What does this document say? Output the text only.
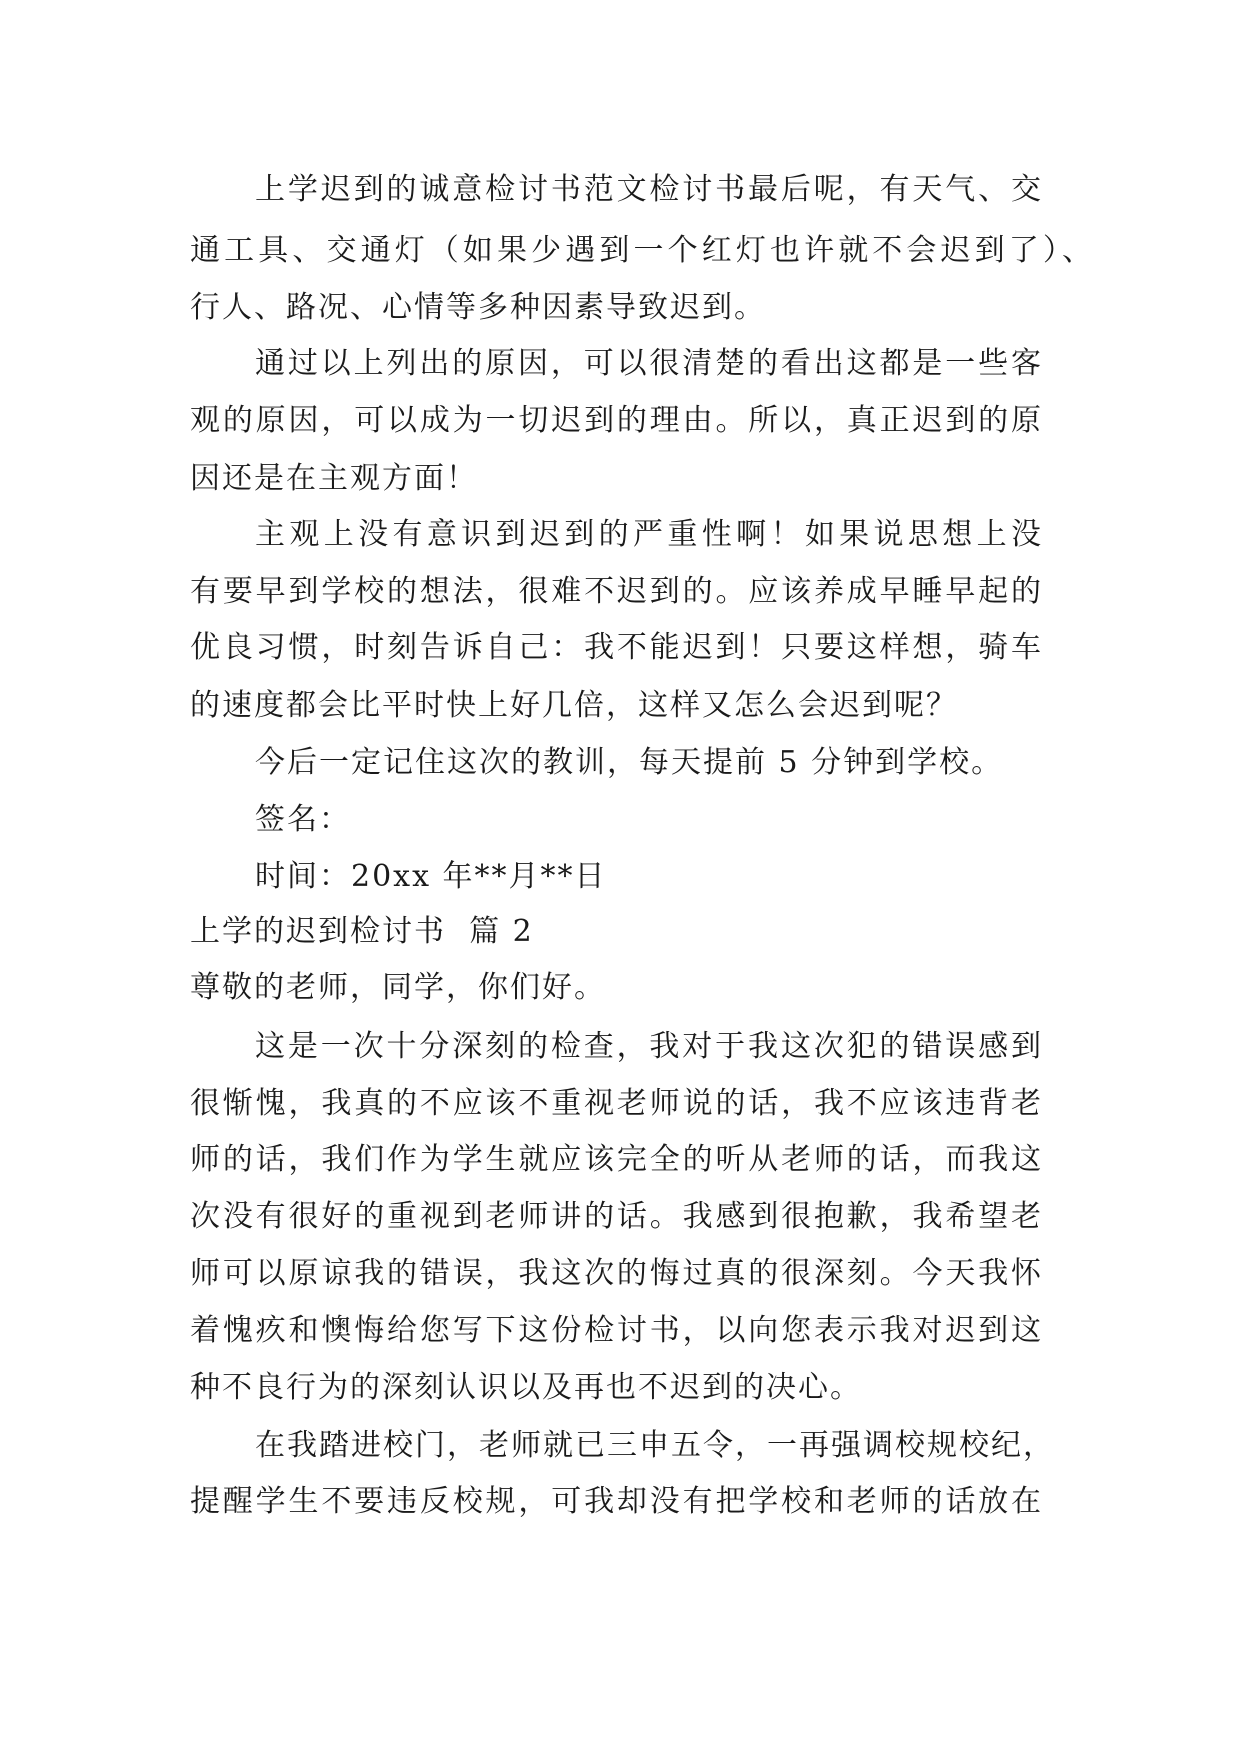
上学迟到的诚意检讨书范文检讨书最后呢，有天气、交

通工具、交通灯（如果少遇到一个红灯也许就不会迟到了）、

行人、路况、心情等多种因素导致迟到。

通过以上列出的原因，可以很清楚的看出这都是一些客

观的原因，可以成为一切迟到的理由。所以，真正迟到的原

因还是在主观方面！

主观上没有意识到迟到的严重性啊！如果说思想上没

有要早到学校的想法，很难不迟到的。应该养成早睡早起的

优良习惯，时刻告诉自己：我不能迟到！只要这样想，骑车

的速度都会比平时快上好几倍，这样又怎么会迟到呢？

今后一定记住这次的教训，每天提前 5 分钟到学校。

签名：

时间：20xx 年**月**日

上学的迟到检讨书  篇 2

尊敬的老师，同学，你们好。

这是一次十分深刻的检查，我对于我这次犯的错误感到

很惭愧，我真的不应该不重视老师说的话，我不应该违背老

师的话，我们作为学生就应该完全的听从老师的话，而我这

次没有很好的重视到老师讲的话。我感到很抱歉，我希望老

师可以原谅我的错误，我这次的悔过真的很深刻。今天我怀

着愧疚和懊悔给您写下这份检讨书，以向您表示我对迟到这

种不良行为的深刻认识以及再也不迟到的决心。

在我踏进校门，老师就已三申五令，一再强调校规校纪，

提醒学生不要违反校规，可我却没有把学校和老师的话放在
